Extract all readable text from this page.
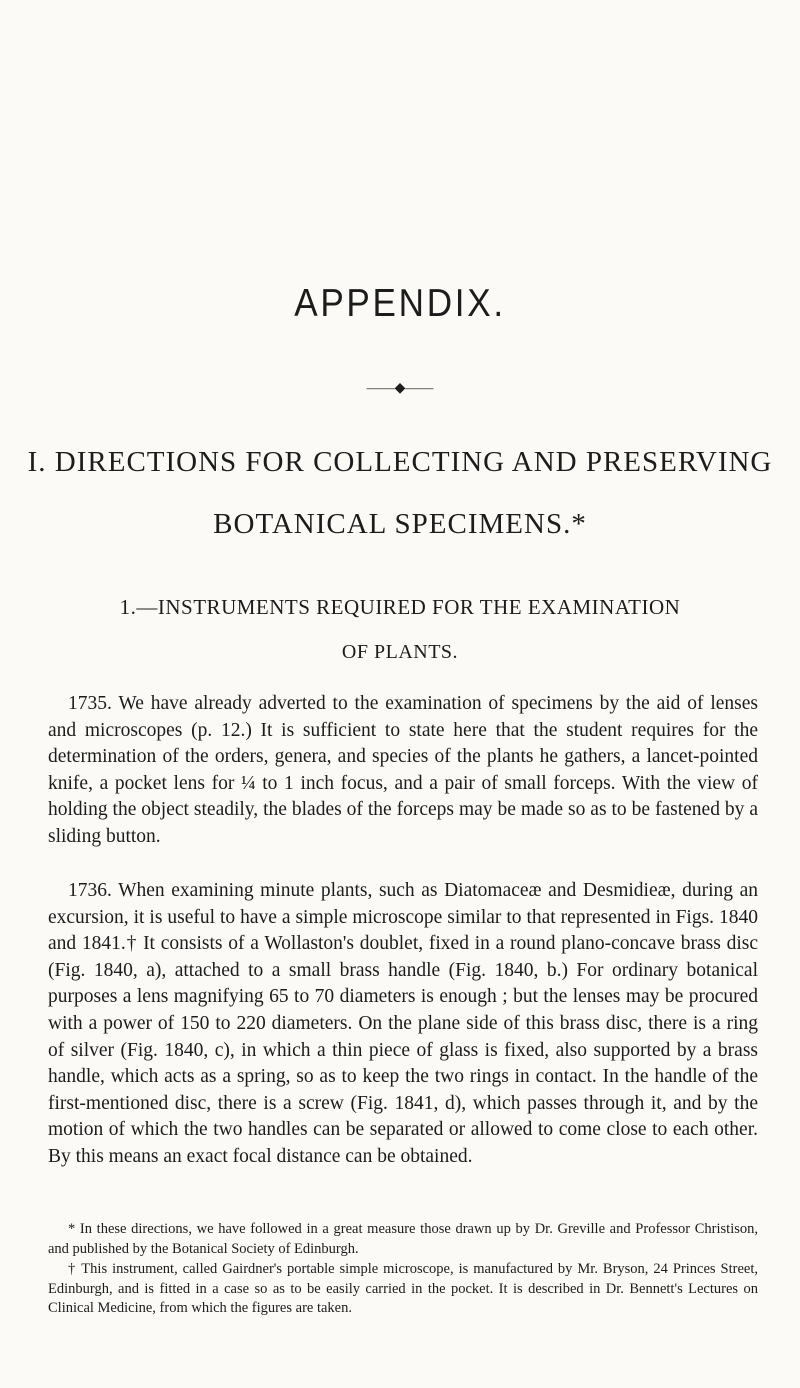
APPENDIX.
——◆——
I. DIRECTIONS FOR COLLECTING AND PRESERVING
BOTANICAL SPECIMENS.*
1.—INSTRUMENTS REQUIRED FOR THE EXAMINATION
OF PLANTS.

1735. We have already adverted to the examination of specimens by the aid of lenses and microscopes (p. 12.) It is sufficient to state here that the student requires for the determination of the orders, genera, and species of the plants he gathers, a lancet-pointed knife, a pocket lens for ¼ to 1 inch focus, and a pair of small forceps. With the view of holding the object steadily, the blades of the forceps may be made so as to be fastened by a sliding button.

1736. When examining minute plants, such as Diatomaceæ and Desmidieæ, during an excursion, it is useful to have a simple microscope similar to that represented in Figs. 1840 and 1841.† It consists of a Wollaston's doublet, fixed in a round plano-concave brass disc (Fig. 1840, a), attached to a small brass handle (Fig. 1840, b.) For ordinary botanical purposes a lens magnifying 65 to 70 diameters is enough ; but the lenses may be procured with a power of 150 to 220 diameters. On the plane side of this brass disc, there is a ring of silver (Fig. 1840, c), in which a thin piece of glass is fixed, also supported by a brass handle, which acts as a spring, so as to keep the two rings in contact. In the handle of the first-mentioned disc, there is a screw (Fig. 1841, d), which passes through it, and by the motion of which the two handles can be separated or allowed to come close to each other. By this means an exact focal distance can be obtained.

* In these directions, we have followed in a great measure those drawn up by Dr. Greville and Professor Christison, and published by the Botanical Society of Edinburgh.

† This instrument, called Gairdner's portable simple microscope, is manufactured by Mr. Bryson, 24 Princes Street, Edinburgh, and is fitted in a case so as to be easily carried in the pocket. It is described in Dr. Bennett's Lectures on Clinical Medicine, from which the figures are taken.
